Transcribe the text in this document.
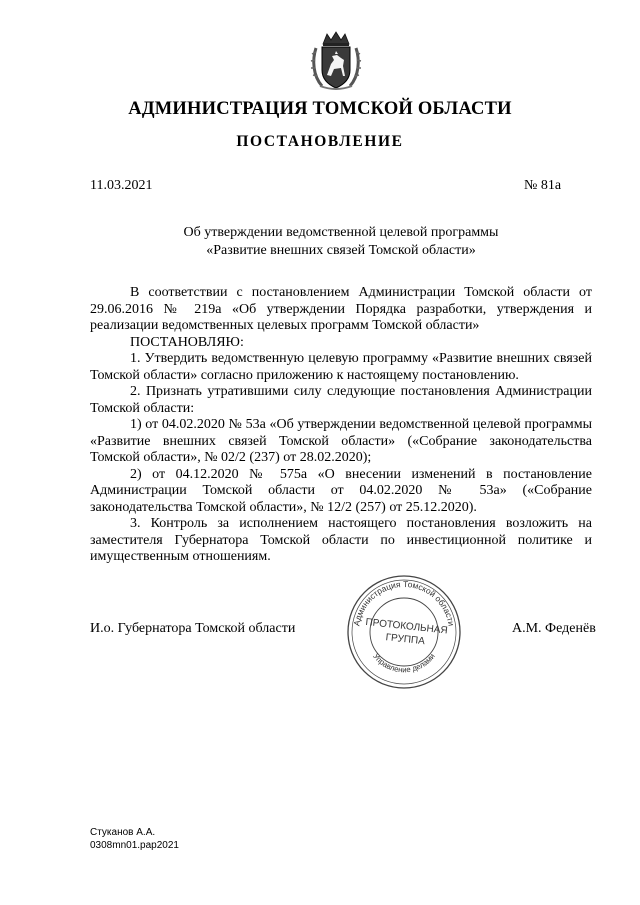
АДМИНИСТРАЦИЯ ТОМСКОЙ ОБЛАСТИ
ПОСТАНОВЛЕНИЕ
11.03.2021	№ 81а
Об утверждении ведомственной целевой программы
«Развитие внешних связей Томской области»

В соответствии с постановлением Администрации Томской области от 29.06.2016 № 219а «Об утверждении Порядка разработки, утверждения и реализации ведомственных целевых программ Томской области»

ПОСТАНОВЛЯЮ:

1. Утвердить ведомственную целевую программу «Развитие внешних связей Томской области» согласно приложению к настоящему постановлению.

2. Признать утратившими силу следующие постановления Администрации Томской области:

1) от 04.02.2020 № 53а «Об утверждении ведомственной целевой программы «Развитие внешних связей Томской области» («Собрание законодательства Томской области», № 02/2 (237) от 28.02.2020);

2) от 04.12.2020 № 575а «О внесении изменений в постановление Администрации Томской области от 04.02.2020 № 53а» («Собрание законодательства Томской области», № 12/2 (257) от 25.12.2020).

3. Контроль за исполнением настоящего постановления возложить на заместителя Губернатора Томской области по инвестиционной политике и имущественным отношениям.

И.о. Губернатора Томской области	А.М. Феденёв
Администрация Томской области
Управление делами
ПРОТОКОЛЬНАЯ
ГРУППА
Стуканов А.А.
0308mn01.pap2021
